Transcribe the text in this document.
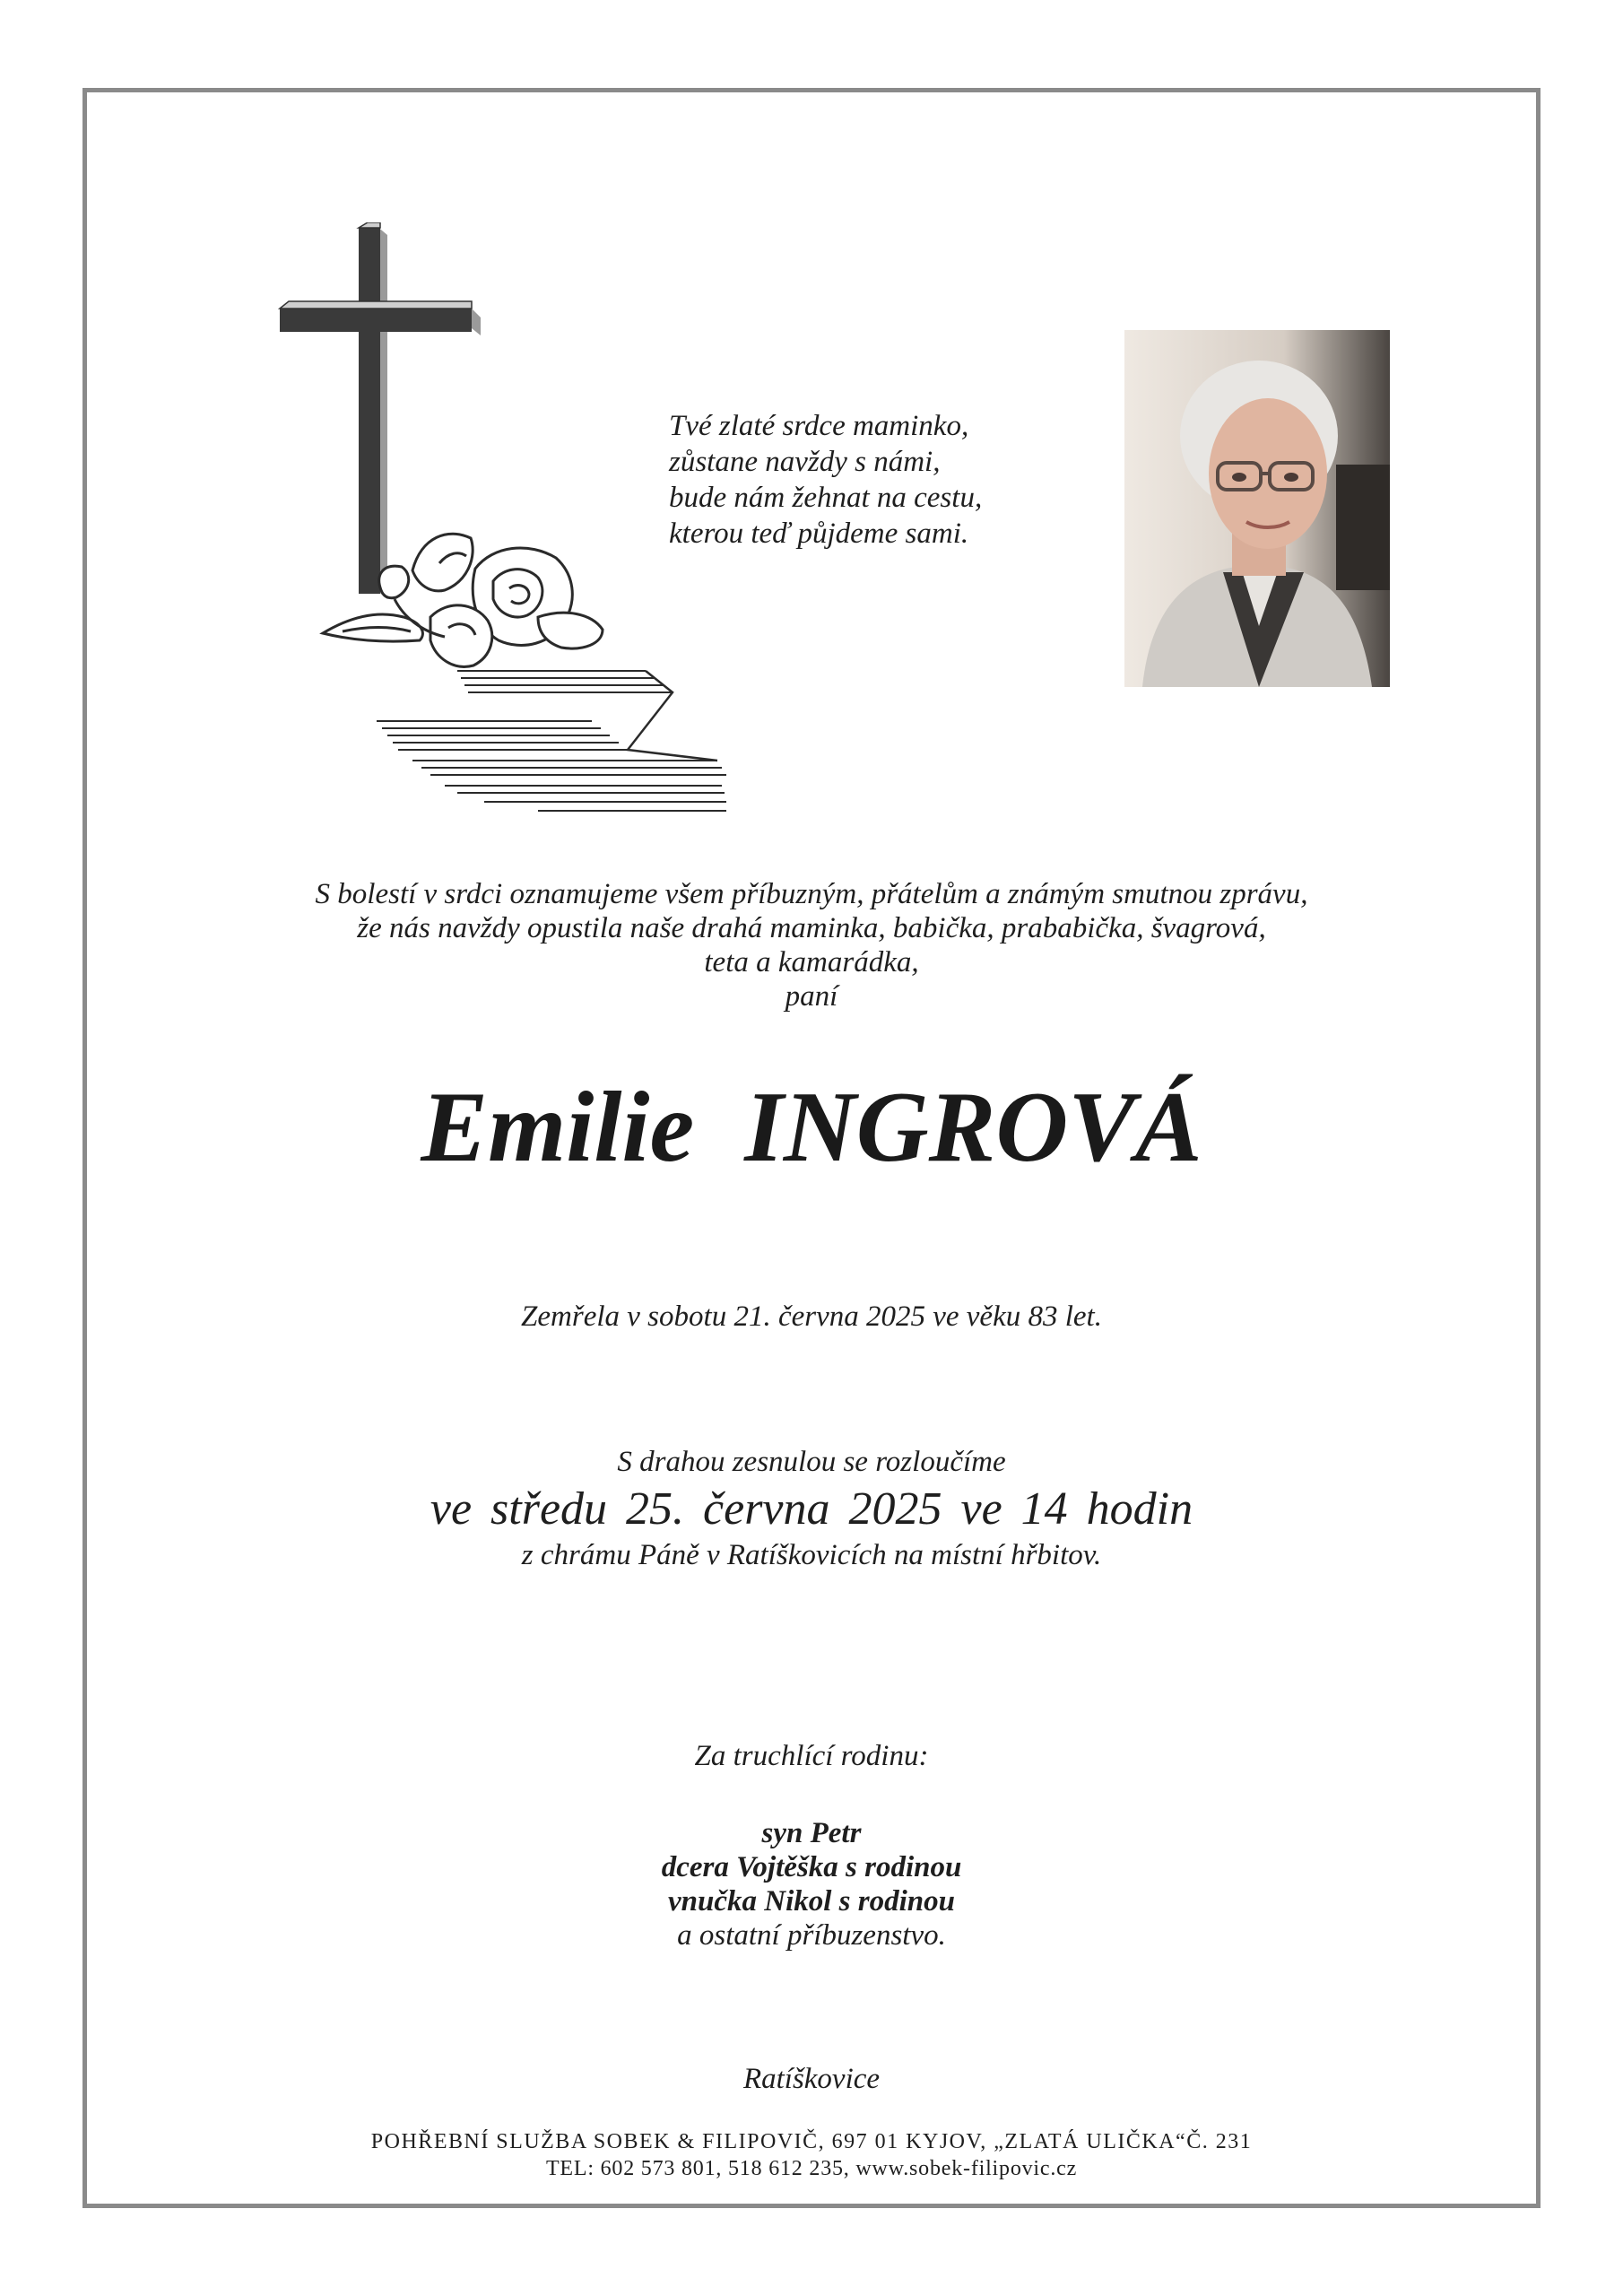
Tvé zlaté srdce maminko,
zůstane navždy s námi,
bude nám žehnat na cestu,
kterou teď půjdeme sami.
S bolestí v srdci oznamujeme všem příbuzným, přátelům a známým smutnou zprávu,
že nás navždy opustila naše drahá maminka, babička, prababička, švagrová,
teta a kamarádka,
paní
Emilie INGROVÁ
Zemřela v sobotu 21. června 2025 ve věku 83 let.
S drahou zesnulou se rozloučíme
ve středu 25. června 2025 ve 14 hodin
z chrámu Páně v Ratíškovicích na místní hřbitov.
Za truchlící rodinu:
syn Petr
dcera Vojtěška s rodinou
vnučka Nikol s rodinou
a ostatní příbuzenstvo.
Ratíškovice
POHŘEBNÍ SLUŽBA SOBEK & FILIPOVIČ, 697 01 KYJOV, „ZLATÁ ULIČKA“Č. 231
TEL: 602 573 801, 518 612 235, www.sobek-filipovic.cz
